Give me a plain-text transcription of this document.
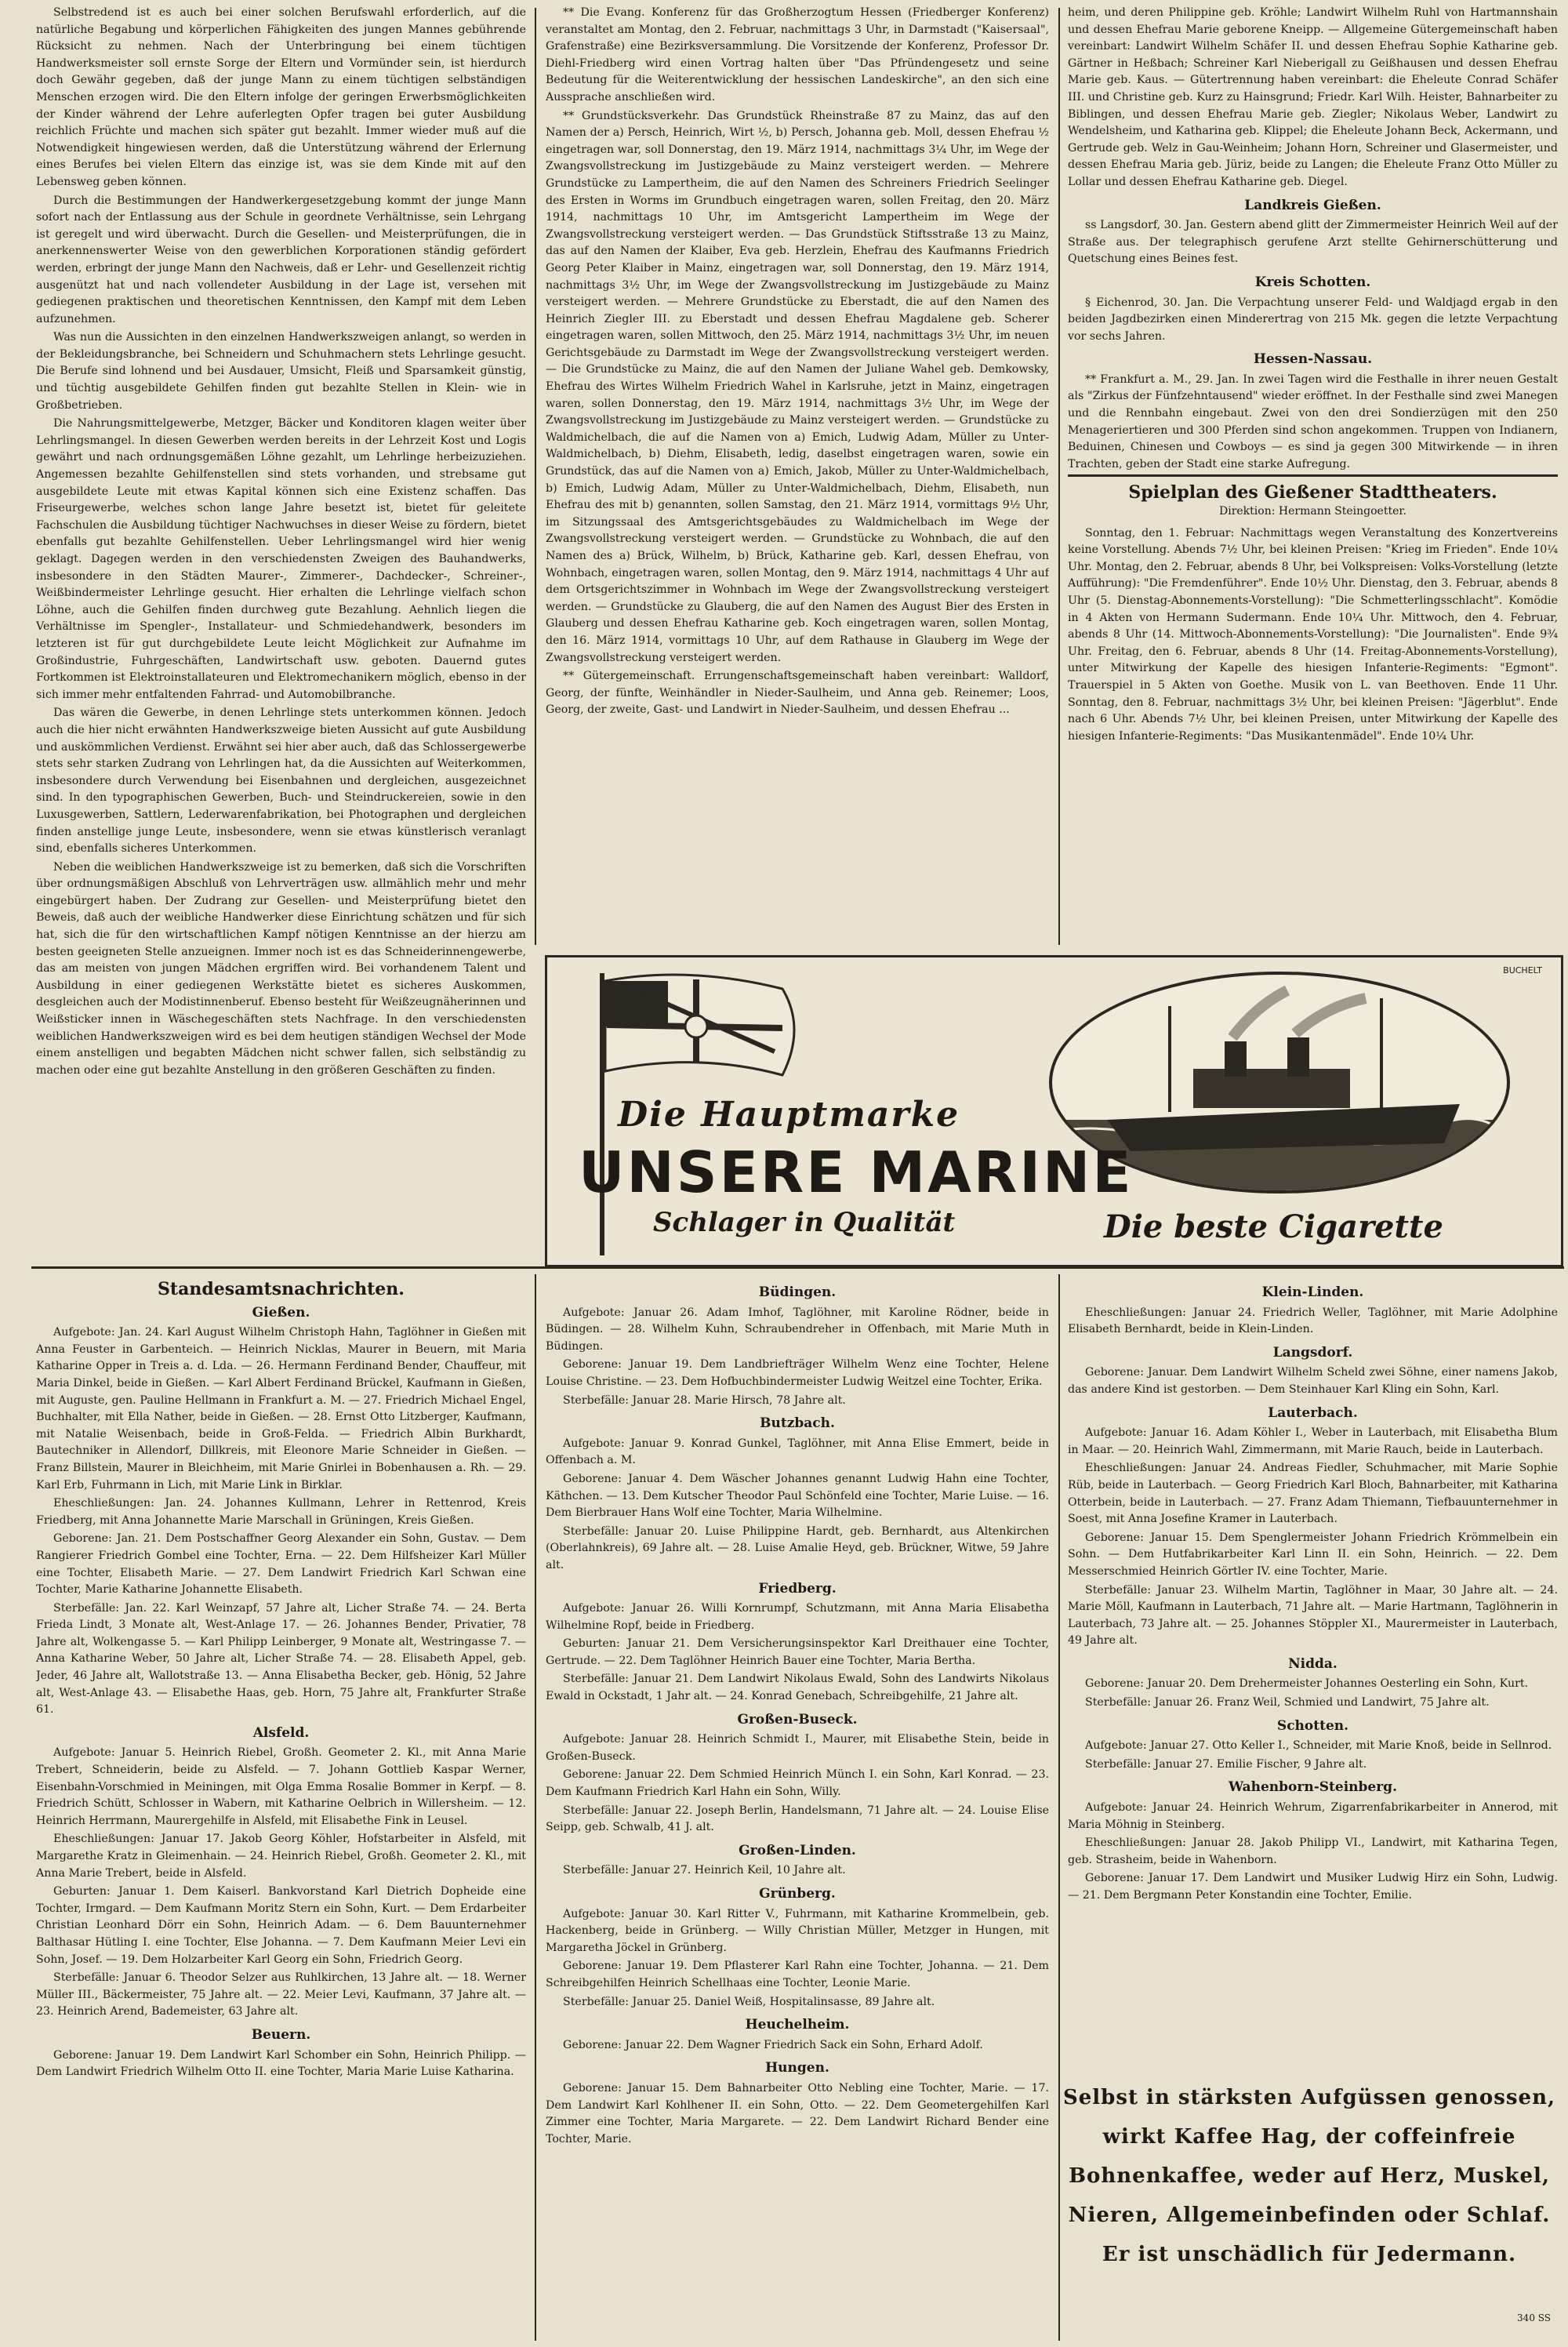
Selbstredend ist es auch bei einer solchen Berufswahl erforderlich, auf die natürliche Begabung und körperlichen Fähigkeiten des jungen Mannes gebührende Rücksicht zu nehmen. Nach der Unterbringung bei einem tüchtigen Handwerksmeister soll ernste Sorge der Eltern und Vormünder sein, ist hierdurch doch Gewähr gegeben, daß der junge Mann zu einem tüchtigen selbständigen Menschen erzogen wird. Die den Eltern infolge der geringen Erwerbsmöglichkeiten der Kinder während der Lehre auferlegten Opfer tragen bei guter Ausbildung reichlich Früchte und machen sich später gut bezahlt. Immer wieder muß auf die Notwendigkeit hingewiesen werden, daß die Unterstützung während der Erlernung eines Berufes bei vielen Eltern das einzige ist, was sie dem Kinde mit auf den Lebensweg geben können.

Durch die Bestimmungen der Handwerkergesetzgebung kommt der junge Mann sofort nach der Entlassung aus der Schule in geordnete Verhältnisse, sein Lehrgang ist geregelt und wird überwacht. Durch die Gesellen- und Meisterprüfungen, die in anerkennenswerter Weise von den gewerblichen Korporationen ständig gefördert werden, erbringt der junge Mann den Nachweis, daß er Lehr- und Gesellenzeit richtig ausgenützt hat und nach vollendeter Ausbildung in der Lage ist, versehen mit gediegenen praktischen und theoretischen Kenntnissen, den Kampf mit dem Leben aufzunehmen.

Was nun die Aussichten in den einzelnen Handwerkszweigen anlangt, so werden in der Bekleidungsbranche, bei Schneidern und Schuhmachern stets Lehrlinge gesucht. Die Berufe sind lohnend und bei Ausdauer, Umsicht, Fleiß und Sparsamkeit günstig, und tüchtig ausgebildete Gehilfen finden gut bezahlte Stellen in Klein- wie in Großbetrieben.

Die Nahrungsmittelgewerbe, Metzger, Bäcker und Konditoren klagen weiter über Lehrlingsmangel. In diesen Gewerben werden bereits in der Lehrzeit Kost und Logis gewährt und nach ordnungsgemäßen Löhne gezahlt, um Lehrlinge herbeizuziehen. Angemessen bezahlte Gehilfenstellen sind stets vorhanden, und strebsame gut ausgebildete Leute mit etwas Kapital können sich eine Existenz schaffen. Das Friseurgewerbe, welches schon lange Jahre besetzt ist, bietet für geleitete Fachschulen die Ausbildung tüchtiger Nachwuchses in dieser Weise zu fördern, bietet ebenfalls gut bezahlte Gehilfenstellen. Ueber Lehrlingsmangel wird hier wenig geklagt. Dagegen werden in den verschiedensten Zweigen des Bauhandwerks, insbesondere in den Städten Maurer-, Zimmerer-, Dachdecker-, Schreiner-, Weißbindermeister Lehrlinge gesucht. Hier erhalten die Lehrlinge vielfach schon Löhne, auch die Gehilfen finden durchweg gute Bezahlung. Aehnlich liegen die Verhältnisse im Spengler-, Installateur- und Schmiedehandwerk, besonders im letzteren ist für gut durchgebildete Leute leicht Möglichkeit zur Aufnahme im Großindustrie, Fuhrgeschäften, Landwirtschaft usw. geboten. Dauernd gutes Fortkommen ist Elektroinstallateuren und Elektromechanikern möglich, ebenso in der sich immer mehr entfaltenden Fahrrad- und Automobilbranche.

Das wären die Gewerbe, in denen Lehrlinge stets unterkommen können. Jedoch auch die hier nicht erwähnten Handwerkszweige bieten Aussicht auf gute Ausbildung und auskömmlichen Verdienst. Erwähnt sei hier aber auch, daß das Schlossergewerbe stets sehr starken Zudrang von Lehrlingen hat, da die Aussichten auf Weiterkommen, insbesondere durch Verwendung bei Eisenbahnen und dergleichen, ausgezeichnet sind. In den typographischen Gewerben, Buch- und Steindruckereien, sowie in den Luxusgewerben, Sattlern, Lederwarenfabrikation, bei Photographen und dergleichen finden anstellige junge Leute, insbesondere, wenn sie etwas künstlerisch veranlagt sind, ebenfalls sicheres Unterkommen.

Neben die weiblichen Handwerkszweige ist zu bemerken, daß sich die Vorschriften über ordnungsmäßigen Abschluß von Lehrverträgen usw. allmählich mehr und mehr eingebürgert haben. Der Zudrang zur Gesellen- und Meisterprüfung bietet den Beweis, daß auch der weibliche Handwerker diese Einrichtung schätzen und für sich hat, sich die für den wirtschaftlichen Kampf nötigen Kenntnisse an der hierzu am besten geeigneten Stelle anzueignen. Immer noch ist es das Schneiderinnengewerbe, das am meisten von jungen Mädchen ergriffen wird. Bei vorhandenem Talent und Ausbildung in einer gediegenen Werkstätte bietet es sicheres Auskommen, desgleichen auch der Modistinnenberuf. Ebenso besteht für Weißzeugnäherinnen und Weißsticker innen in Wäschegeschäften stets Nachfrage. In den verschiedensten weiblichen Handwerkszweigen wird es bei dem heutigen ständigen Wechsel der Mode einem anstelligen und begabten Mädchen nicht schwer fallen, sich selbständig zu machen oder eine gut bezahlte Anstellung in den größeren Geschäften zu finden.

** Die Evang. Konferenz für das Großherzogtum Hessen (Friedberger Konferenz) veranstaltet am Montag, den 2. Februar, nachmittags 3 Uhr, in Darmstadt ("Kaisersaal", Grafenstraße) eine Bezirksversammlung. Die Vorsitzende der Konferenz, Professor Dr. Diehl-Friedberg wird einen Vortrag halten über "Das Pfründengesetz und seine Bedeutung für die Weiterentwicklung der hessischen Landeskirche", an den sich eine Aussprache anschließen wird.

** Grundstücksverkehr. Das Grundstück Rheinstraße 87 zu Mainz, das auf den Namen der a) Persch, Heinrich, Wirt ½, b) Persch, Johanna geb. Moll, dessen Ehefrau ½ eingetragen war, soll Donnerstag, den 19. März 1914, nachmittags 3¼ Uhr, im Wege der Zwangsvollstreckung im Justizgebäude zu Mainz versteigert werden. — Mehrere Grundstücke zu Lampertheim, die auf den Namen des Schreiners Friedrich Seelinger des Ersten in Worms im Grundbuch eingetragen waren, sollen Freitag, den 20. März 1914, nachmittags 10 Uhr, im Amtsgericht Lampertheim im Wege der Zwangsvollstreckung versteigert werden. — Das Grundstück Stiftsstraße 13 zu Mainz, das auf den Namen der Klaiber, Eva geb. Herzlein, Ehefrau des Kaufmanns Friedrich Georg Peter Klaiber in Mainz, eingetragen war, soll Donnerstag, den 19. März 1914, nachmittags 3½ Uhr, im Wege der Zwangsvollstreckung im Justizgebäude zu Mainz versteigert werden. — Mehrere Grundstücke zu Eberstadt, die auf den Namen des Heinrich Ziegler III. zu Eberstadt und dessen Ehefrau Magdalene geb. Scherer eingetragen waren, sollen Mittwoch, den 25. März 1914, nachmittags 3½ Uhr, im neuen Gerichtsgebäude zu Darmstadt im Wege der Zwangsvollstreckung versteigert werden. — Die Grundstücke zu Mainz, die auf den Namen der Juliane Wahel geb. Demkowsky, Ehefrau des Wirtes Wilhelm Friedrich Wahel in Karlsruhe, jetzt in Mainz, eingetragen waren, sollen Donnerstag, den 19. März 1914, nachmittags 3½ Uhr, im Wege der Zwangsvollstreckung im Justizgebäude zu Mainz versteigert werden. — Grundstücke zu Waldmichelbach, die auf die Namen von a) Emich, Ludwig Adam, Müller zu Unter-Waldmichelbach, b) Diehm, Elisabeth, ledig, daselbst eingetragen waren, sowie ein Grundstück, das auf die Namen von a) Emich, Jakob, Müller zu Unter-Waldmichelbach, b) Emich, Ludwig Adam, Müller zu Unter-Waldmichelbach, Diehm, Elisabeth, nun Ehefrau des mit b) genannten, sollen Samstag, den 21. März 1914, vormittags 9½ Uhr, im Sitzungssaal des Amtsgerichtsgebäudes zu Waldmichelbach im Wege der Zwangsvollstreckung versteigert werden. — Grundstücke zu Wohnbach, die auf den Namen des a) Brück, Wilhelm, b) Brück, Katharine geb. Karl, dessen Ehefrau, von Wohnbach, eingetragen waren, sollen Montag, den 9. März 1914, nachmittags 4 Uhr auf dem Ortsgerichtszimmer in Wohnbach im Wege der Zwangsvollstreckung versteigert werden. — Grundstücke zu Glauberg, die auf den Namen des August Bier des Ersten in Glauberg und dessen Ehefrau Katharine geb. Koch eingetragen waren, sollen Montag, den 16. März 1914, vormittags 10 Uhr, auf dem Rathause in Glauberg im Wege der Zwangsvollstreckung versteigert werden.

** Gütergemeinschaft. Errungenschaftsgemeinschaft haben vereinbart: Walldorf, Georg, der fünfte, Weinhändler in Nieder-Saulheim, und Anna geb. Reinemer; Loos, Georg, der zweite, Gast- und Landwirt in Nieder-Saulheim, und dessen Ehefrau ...

heim, und deren Philippine geb. Kröhle; Landwirt Wilhelm Ruhl von Hartmannshain und dessen Ehefrau Marie geborene Kneipp. — Allgemeine Gütergemeinschaft haben vereinbart: Landwirt Wilhelm Schäfer II. und dessen Ehefrau Sophie Katharine geb. Gärtner in Heßbach; Schreiner Karl Nieberigall zu Geißhausen und dessen Ehefrau Marie geb. Kaus. — Gütertrennung haben vereinbart: die Eheleute Conrad Schäfer III. und Christine geb. Kurz zu Hainsgrund; Friedr. Karl Wilh. Heister, Bahnarbeiter zu Biblingen, und dessen Ehefrau Marie geb. Ziegler; Nikolaus Weber, Landwirt zu Wendelsheim, und Katharina geb. Klippel; die Eheleute Johann Beck, Ackermann, und Gertrude geb. Welz in Gau-Weinheim; Johann Horn, Schreiner und Glasermeister, und dessen Ehefrau Maria geb. Jüriz, beide zu Langen; die Eheleute Franz Otto Müller zu Lollar und dessen Ehefrau Katharine geb. Diegel.

Landkreis Gießen.

ss Langsdorf, 30. Jan. Gestern abend glitt der Zimmermeister Heinrich Weil auf der Straße aus. Der telegraphisch gerufene Arzt stellte Gehirnerschütterung und Quetschung eines Beines fest.

Kreis Schotten.

§ Eichenrod, 30. Jan. Die Verpachtung unserer Feld- und Waldjagd ergab in den beiden Jagdbezirken einen Minderertrag von 215 Mk. gegen die letzte Verpachtung vor sechs Jahren.

Hessen-Nassau.

** Frankfurt a. M., 29. Jan. In zwei Tagen wird die Festhalle in ihrer neuen Gestalt als "Zirkus der Fünfzehntausend" wieder eröffnet. In der Festhalle sind zwei Manegen und die Rennbahn eingebaut. Zwei von den drei Sondierzügen mit den 250 Menageriertieren und 300 Pferden sind schon angekommen. Truppen von Indianern, Beduinen, Chinesen und Cowboys — es sind ja gegen 300 Mitwirkende — in ihren Trachten, geben der Stadt eine starke Aufregung.

Spielplan des Gießener Stadttheaters.
Direktion: Hermann Steingoetter.

Sonntag, den 1. Februar: Nachmittags wegen Veranstaltung des Konzertvereins keine Vorstellung. Abends 7½ Uhr, bei kleinen Preisen: "Krieg im Frieden". Ende 10¼ Uhr. Montag, den 2. Februar, abends 8 Uhr, bei Volkspreisen: Volks-Vorstellung (letzte Aufführung): "Die Fremdenführer". Ende 10½ Uhr. Dienstag, den 3. Februar, abends 8 Uhr (5. Dienstag-Abonnements-Vorstellung): "Die Schmetterlingsschlacht". Komödie in 4 Akten von Hermann Sudermann. Ende 10¼ Uhr. Mittwoch, den 4. Februar, abends 8 Uhr (14. Mittwoch-Abonnements-Vorstellung): "Die Journalisten". Ende 9¾ Uhr. Freitag, den 6. Februar, abends 8 Uhr (14. Freitag-Abonnements-Vorstellung), unter Mitwirkung der Kapelle des hiesigen Infanterie-Regiments: "Egmont". Trauerspiel in 5 Akten von Goethe. Musik von L. van Beethoven. Ende 11 Uhr. Sonntag, den 8. Februar, nachmittags 3½ Uhr, bei kleinen Preisen: "Jägerblut". Ende nach 6 Uhr. Abends 7½ Uhr, bei kleinen Preisen, unter Mitwirkung der Kapelle des hiesigen Infanterie-Regiments: "Das Musikantenmädel". Ende 10¼ Uhr.

BUCHELT
Die Hauptmarke
UNSERE MARINE
Schlager in Qualität	Die beste Cigarette
Standesamtsnachrichten.
Gießen.

Aufgebote: Jan. 24. Karl August Wilhelm Christoph Hahn, Taglöhner in Gießen mit Anna Feuster in Garbenteich. — Heinrich Nicklas, Maurer in Beuern, mit Maria Katharine Opper in Treis a. d. Lda. — 26. Hermann Ferdinand Bender, Chauffeur, mit Maria Dinkel, beide in Gießen. — Karl Albert Ferdinand Brückel, Kaufmann in Gießen, mit Auguste, gen. Pauline Hellmann in Frankfurt a. M. — 27. Friedrich Michael Engel, Buchhalter, mit Ella Nather, beide in Gießen. — 28. Ernst Otto Litzberger, Kaufmann, mit Natalie Weisenbach, beide in Groß-Felda. — Friedrich Albin Burkhardt, Bautechniker in Allendorf, Dillkreis, mit Eleonore Marie Schneider in Gießen. — Franz Billstein, Maurer in Bleichheim, mit Marie Gnirlei in Bobenhausen a. Rh. — 29. Karl Erb, Fuhrmann in Lich, mit Marie Link in Birklar.

Eheschließungen: Jan. 24. Johannes Kullmann, Lehrer in Rettenrod, Kreis Friedberg, mit Anna Johannette Marie Marschall in Grüningen, Kreis Gießen.

Geborene: Jan. 21. Dem Postschaffner Georg Alexander ein Sohn, Gustav. — Dem Rangierer Friedrich Gombel eine Tochter, Erna. — 22. Dem Hilfsheizer Karl Müller eine Tochter, Elisabeth Marie. — 27. Dem Landwirt Friedrich Karl Schwan eine Tochter, Marie Katharine Johannette Elisabeth.

Sterbefälle: Jan. 22. Karl Weinzapf, 57 Jahre alt, Licher Straße 74. — 24. Berta Frieda Lindt, 3 Monate alt, West-Anlage 17. — 26. Johannes Bender, Privatier, 78 Jahre alt, Wolkengasse 5. — Karl Philipp Leinberger, 9 Monate alt, Westringasse 7. — Anna Katharine Weber, 50 Jahre alt, Licher Straße 74. — 28. Elisabeth Appel, geb. Jeder, 46 Jahre alt, Wallotstraße 13. — Anna Elisabetha Becker, geb. Hönig, 52 Jahre alt, West-Anlage 43. — Elisabethe Haas, geb. Horn, 75 Jahre alt, Frankfurter Straße 61.

Alsfeld.

Aufgebote: Januar 5. Heinrich Riebel, Großh. Geometer 2. Kl., mit Anna Marie Trebert, Schneiderin, beide zu Alsfeld. — 7. Johann Gottlieb Kaspar Werner, Eisenbahn-Vorschmied in Meiningen, mit Olga Emma Rosalie Bommer in Kerpf. — 8. Friedrich Schütt, Schlosser in Wabern, mit Katharine Oelbrich in Willersheim. — 12. Heinrich Herrmann, Maurergehilfe in Alsfeld, mit Elisabethe Fink in Leusel.

Eheschließungen: Januar 17. Jakob Georg Köhler, Hofstarbeiter in Alsfeld, mit Margarethe Kratz in Gleimenhain. — 24. Heinrich Riebel, Großh. Geometer 2. Kl., mit Anna Marie Trebert, beide in Alsfeld.

Geburten: Januar 1. Dem Kaiserl. Bankvorstand Karl Dietrich Dopheide eine Tochter, Irmgard. — Dem Kaufmann Moritz Stern ein Sohn, Kurt. — Dem Erdarbeiter Christian Leonhard Dörr ein Sohn, Heinrich Adam. — 6. Dem Bauunternehmer Balthasar Hütling I. eine Tochter, Else Johanna. — 7. Dem Kaufmann Meier Levi ein Sohn, Josef. — 19. Dem Holzarbeiter Karl Georg ein Sohn, Friedrich Georg.

Sterbefälle: Januar 6. Theodor Selzer aus Ruhlkirchen, 13 Jahre alt. — 18. Werner Müller III., Bäckermeister, 75 Jahre alt. — 22. Meier Levi, Kaufmann, 37 Jahre alt. — 23. Heinrich Arend, Bademeister, 63 Jahre alt.

Beuern.

Geborene: Januar 19. Dem Landwirt Karl Schomber ein Sohn, Heinrich Philipp. — Dem Landwirt Friedrich Wilhelm Otto II. eine Tochter, Maria Marie Luise Katharina.

Büdingen.

Aufgebote: Januar 26. Adam Imhof, Taglöhner, mit Karoline Rödner, beide in Büdingen. — 28. Wilhelm Kuhn, Schraubendreher in Offenbach, mit Marie Muth in Büdingen.

Geborene: Januar 19. Dem Landbriefträger Wilhelm Wenz eine Tochter, Helene Louise Christine. — 23. Dem Hofbuchbindermeister Ludwig Weitzel eine Tochter, Erika.

Sterbefälle: Januar 28. Marie Hirsch, 78 Jahre alt.

Butzbach.

Aufgebote: Januar 9. Konrad Gunkel, Taglöhner, mit Anna Elise Emmert, beide in Offenbach a. M.

Geborene: Januar 4. Dem Wäscher Johannes genannt Ludwig Hahn eine Tochter, Käthchen. — 13. Dem Kutscher Theodor Paul Schönfeld eine Tochter, Marie Luise. — 16. Dem Bierbrauer Hans Wolf eine Tochter, Maria Wilhelmine.

Sterbefälle: Januar 20. Luise Philippine Hardt, geb. Bernhardt, aus Altenkirchen (Oberlahnkreis), 69 Jahre alt. — 28. Luise Amalie Heyd, geb. Brückner, Witwe, 59 Jahre alt.

Friedberg.

Aufgebote: Januar 26. Willi Kornrumpf, Schutzmann, mit Anna Maria Elisabetha Wilhelmine Ropf, beide in Friedberg.

Geburten: Januar 21. Dem Versicherungsinspektor Karl Dreithauer eine Tochter, Gertrude. — 22. Dem Taglöhner Heinrich Bauer eine Tochter, Maria Bertha.

Sterbefälle: Januar 21. Dem Landwirt Nikolaus Ewald, Sohn des Landwirts Nikolaus Ewald in Ockstadt, 1 Jahr alt. — 24. Konrad Genebach, Schreibgehilfe, 21 Jahre alt.

Großen-Buseck.

Aufgebote: Januar 28. Heinrich Schmidt I., Maurer, mit Elisabethe Stein, beide in Großen-Buseck.

Geborene: Januar 22. Dem Schmied Heinrich Münch I. ein Sohn, Karl Konrad. — 23. Dem Kaufmann Friedrich Karl Hahn ein Sohn, Willy.

Sterbefälle: Januar 22. Joseph Berlin, Handelsmann, 71 Jahre alt. — 24. Louise Elise Seipp, geb. Schwalb, 41 J. alt.

Großen-Linden.

Sterbefälle: Januar 27. Heinrich Keil, 10 Jahre alt.

Grünberg.

Aufgebote: Januar 30. Karl Ritter V., Fuhrmann, mit Katharine Krommelbein, geb. Hackenberg, beide in Grünberg. — Willy Christian Müller, Metzger in Hungen, mit Margaretha Jöckel in Grünberg.

Geborene: Januar 19. Dem Pflasterer Karl Rahn eine Tochter, Johanna. — 21. Dem Schreibgehilfen Heinrich Schellhaas eine Tochter, Leonie Marie.

Sterbefälle: Januar 25. Daniel Weiß, Hospitalinsasse, 89 Jahre alt.

Heuchelheim.

Geborene: Januar 22. Dem Wagner Friedrich Sack ein Sohn, Erhard Adolf.

Hungen.

Geborene: Januar 15. Dem Bahnarbeiter Otto Nebling eine Tochter, Marie. — 17. Dem Landwirt Karl Kohlhener II. ein Sohn, Otto. — 22. Dem Geometergehilfen Karl Zimmer eine Tochter, Maria Margarete. — 22. Dem Landwirt Richard Bender eine Tochter, Marie.

Klein-Linden.

Eheschließungen: Januar 24. Friedrich Weller, Taglöhner, mit Marie Adolphine Elisabeth Bernhardt, beide in Klein-Linden.

Langsdorf.

Geborene: Januar. Dem Landwirt Wilhelm Scheld zwei Söhne, einer namens Jakob, das andere Kind ist gestorben. — Dem Steinhauer Karl Kling ein Sohn, Karl.

Lauterbach.

Aufgebote: Januar 16. Adam Köhler I., Weber in Lauterbach, mit Elisabetha Blum in Maar. — 20. Heinrich Wahl, Zimmermann, mit Marie Rauch, beide in Lauterbach.

Eheschließungen: Januar 24. Andreas Fiedler, Schuhmacher, mit Marie Sophie Rüb, beide in Lauterbach. — Georg Friedrich Karl Bloch, Bahnarbeiter, mit Katharina Otterbein, beide in Lauterbach. — 27. Franz Adam Thiemann, Tiefbauunternehmer in Soest, mit Anna Josefine Kramer in Lauterbach.

Geborene: Januar 15. Dem Spenglermeister Johann Friedrich Krömmelbein ein Sohn. — Dem Hutfabrikarbeiter Karl Linn II. ein Sohn, Heinrich. — 22. Dem Messerschmied Heinrich Görtler IV. eine Tochter, Marie.

Sterbefälle: Januar 23. Wilhelm Martin, Taglöhner in Maar, 30 Jahre alt. — 24. Marie Möll, Kaufmann in Lauterbach, 71 Jahre alt. — Marie Hartmann, Taglöhnerin in Lauterbach, 73 Jahre alt. — 25. Johannes Stöppler XI., Maurermeister in Lauterbach, 49 Jahre alt.

Nidda.

Geborene: Januar 20. Dem Drehermeister Johannes Oesterling ein Sohn, Kurt.

Sterbefälle: Januar 26. Franz Weil, Schmied und Landwirt, 75 Jahre alt.

Schotten.

Aufgebote: Januar 27. Otto Keller I., Schneider, mit Marie Knoß, beide in Sellnrod.

Sterbefälle: Januar 27. Emilie Fischer, 9 Jahre alt.

Wahenborn-Steinberg.

Aufgebote: Januar 24. Heinrich Wehrum, Zigarrenfabrikarbeiter in Annerod, mit Maria Möhnig in Steinberg.

Eheschließungen: Januar 28. Jakob Philipp VI., Landwirt, mit Katharina Tegen, geb. Strasheim, beide in Wahenborn.

Geborene: Januar 17. Dem Landwirt und Musiker Ludwig Hirz ein Sohn, Ludwig. — 21. Dem Bergmann Peter Konstandin eine Tochter, Emilie.

Selbst in stärksten Aufgüssen genossen, wirkt Kaffee Hag, der coffeinfreie Bohnenkaffee, weder auf Herz, Muskel, Nieren, Allgemeinbefinden oder Schlaf. Er ist unschädlich für Jedermann.
340 SS
